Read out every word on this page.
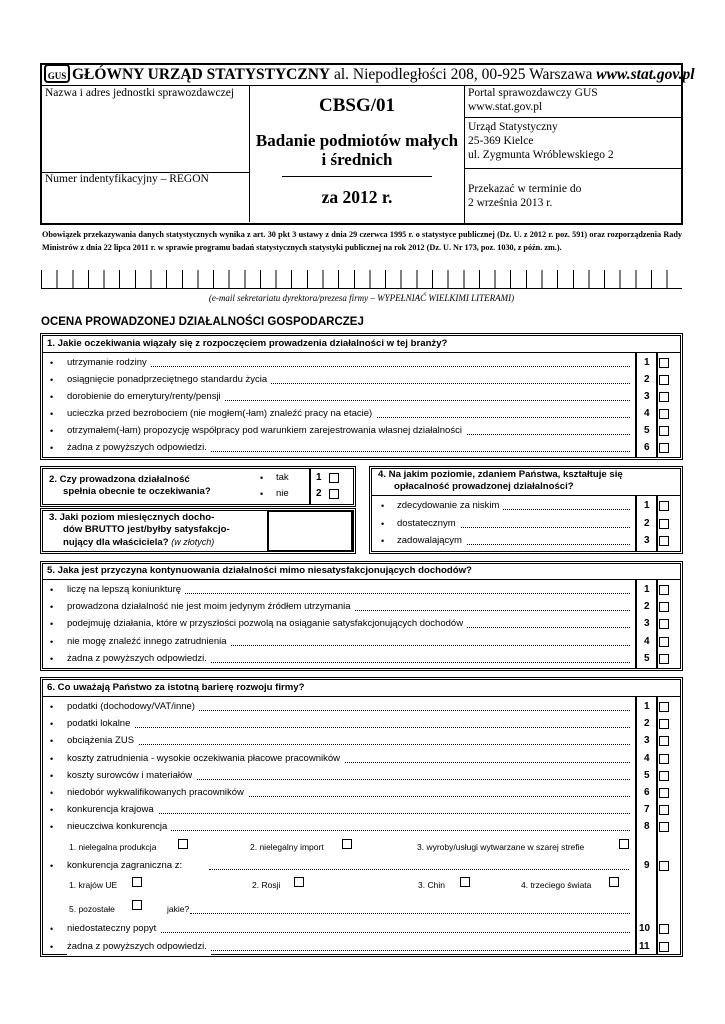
GUS GŁÓWNY URZĄD STATYSTYCZNY al. Niepodległości 208, 00-925 Warszawa www.stat.gov.pl
Nazwa i adres jednostki sprawozdawczej
Numer indentyfikacyjny – REGON
CBSG/01
Badanie podmiotów małych
i średnich
za 2012 r.
Portal sprawozdawczy GUS
www.stat.gov.pl
Urząd Statystyczny
25-369 Kielce
ul. Zygmunta Wróblewskiego 2
Przekazać w terminie do
2 września 2013 r.
Obowiązek przekazywania danych statystycznych wynika z art. 30 pkt 3 ustawy z dnia 29 czerwca 1995 r. o statystyce publicznej (Dz. U. z 2012 r. poz. 591) oraz rozporządzenia Rady Ministrów z dnia 22 lipca 2011 r. w sprawie programu badań statystycznych statystyki publicznej na rok 2012 (Dz. U. Nr 173, poz. 1030, z późn. zm.).
(e-mail sekretariatu dyrektora/prezesa firmy – WYPEŁNIAĆ WIELKIMI LITERAMI)
OCENA PROWADZONEJ DZIAŁALNOŚCI GOSPODARCZEJ
1. Jakie oczekiwania wiązały się z rozpoczęciem prowadzenia działalności w tej branży?
• utrzymanie rodziny	1
• osiągnięcie ponadprzeciętnego standardu życia	2
• dorobienie do emerytury/renty/pensji	3
• ucieczka przed bezrobociem (nie mogłem(-łam) znaleźć pracy na etacie)	4
• otrzymałem(-łam) propozycję współpracy pod warunkiem zarejestrowania własnej działalności	5
• żadna z powyższych odpowiedzi.	6
2. Czy prowadzona działalność
spełnia obecnie te oczekiwania?
• tak	1
• nie	2
3. Jaki poziom miesięcznych docho-
dów BRUTTO jest/byłby satysfakcjo-
nujący dla właściciela? (w złotych)
4. Na jakim poziomie, zdaniem Państwa, kształtuje się
opłacalność prowadzonej działalności?
• zdecydowanie za niskim	1
• dostatecznym	2
• zadowalającym	3
5. Jaka jest przyczyna kontynuowania działalności mimo niesatysfakcjonujących dochodów?
• liczę na lepszą koniunkturę	1
• prowadzona działalność nie jest moim jedynym źródłem utrzymania	2
• podejmuję działania, które w przyszłości pozwolą na osiąganie satysfakcjonujących dochodów	3
• nie mogę znaleźć innego zatrudnienia	4
• żadna z powyższych odpowiedzi.	5
6. Co uważają Państwo za istotną barierę rozwoju firmy?
• podatki (dochodowy/VAT/inne)	1
• podatki lokalne	2
• obciążenia ZUS	3
• koszty zatrudnienia - wysokie oczekiwania płacowe pracowników	4
• koszty surowców i materiałów	5
• niedobór wykwalifikowanych pracowników	6
• konkurencja krajowa	7
• nieuczciwa konkurencja	8
1. nielegalna produkcja	2. nielegalny import	3. wyroby/usługi wytwarzane w szarej strefie
• konkurencja zagraniczna z:	9
1. krajów UE	2. Rosji	3. Chin	4. trzeciego świata
5. pozostałe	jakie?
• niedostateczny popyt	10
• żadna z powyższych odpowiedzi.	11
